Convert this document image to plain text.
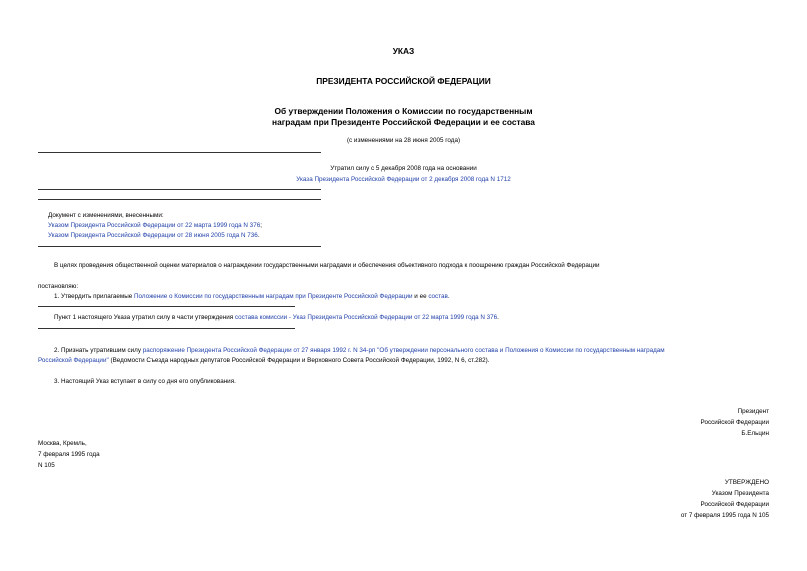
УКАЗ
ПРЕЗИДЕНТА РОССИЙСКОЙ ФЕДЕРАЦИИ
Об утверждении Положения о Комиссии по государственным
наградам при Президенте Российской Федерации и ее состава
(с изменениями на 28 июня 2005 года)
Утратил силу с 5 декабря 2008 года на основании
Указа Президента Российской Федерации от 2 декабря 2008 года N 1712
Документ с изменениями, внесенными:
Указом Президента Российской Федерации от 22 марта 1999 года N 376;
Указом Президента Российской Федерации от 28 июня 2005 года N 736.
В целях проведения общественной оценки материалов о награждении государственными наградами и обеспечения объективного подхода к поощрению граждан Российской Федерации
постановляю:
1. Утвердить прилагаемые Положение о Комиссии по государственным наградам при Президенте Российской Федерации и ее состав.
Пункт 1 настоящего Указа утратил силу в части утверждения состава комиссии - Указ Президента Российской Федерации от 22 марта 1999 года N 376.
2. Признать утратившим силу распоряжение Президента Российской Федерации от 27 января 1992 г. N 34-рп "Об утверждении персонального состава и Положения о Комиссии по государственным наградам
Российской Федерации" (Ведомости Съезда народных депутатов Российской Федерации и Верховного Совета Российской Федерации, 1992, N 6, ст.282).
3. Настоящий Указ вступает в силу со дня его опубликования.
Президент
Российской Федерации
Б.Ельцин
Москва, Кремль,
7 февраля 1995 года
N 105
УТВЕРЖДЕНО
Указом Президента
Российской Федерации
от 7 февраля 1995 года N 105
